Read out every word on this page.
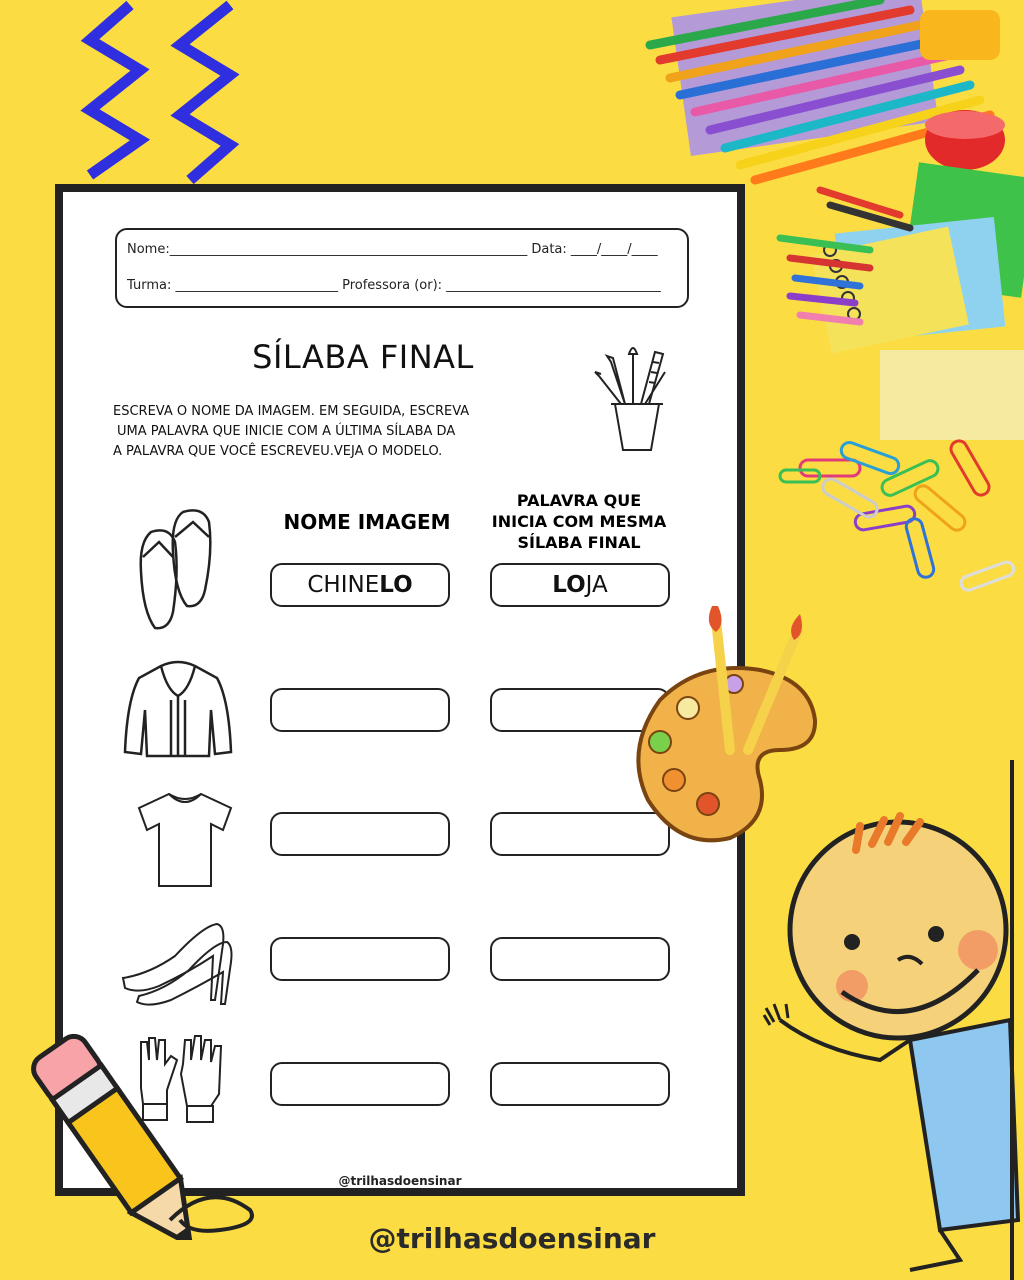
Nome:_______________________________________________________ Data: ____/____/____
Turma: _________________________ Professora (or): _________________________________
SÍLABA FINAL
ESCREVA O NOME DA IMAGEM. EM SEGUIDA, ESCREVA
UMA PALAVRA QUE INICIE COM A ÚLTIMA SÍLABA DA
A PALAVRA QUE VOCÊ ESCREVEU.VEJA O MODELO.
NOME IMAGEM
PALAVRA QUE
INICIA COM MESMA
SÍLABA FINAL
CHINE LO	LO JA
@trilhasdoensinar
@trilhasdoensinar
